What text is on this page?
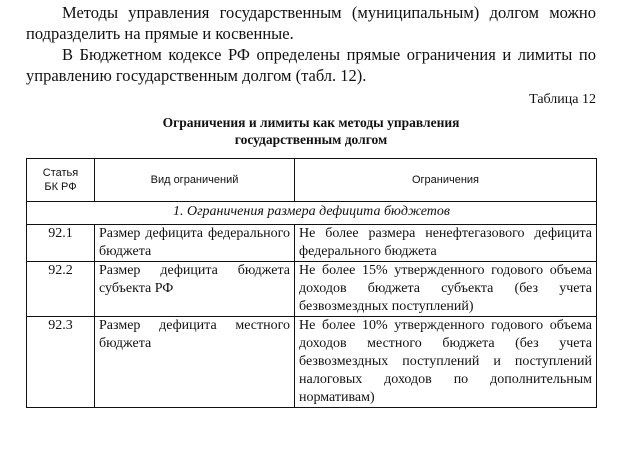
Методы управления государственным (муниципальным) долгом можно подразделить на прямые и косвенные.

В Бюджетном кодексе РФ определены прямые ограничения и лимиты по управлению государственным долгом (табл. 12).

Таблица 12
Ограничения и лимиты как методы управления
государственным долгом
Статья
БК РФ	Вид ограничений	Ограничения
1. Ограничения размера дефицита бюджетов		
92.1	Размер дефицита федерального бюджета	Не более размера ненефтегазового дефицита федерального бюджета
92.2	Размер дефицита бюджета субъекта РФ	Не более 15% утвержденного годового объема доходов бюджета субъекта (без учета безвозмездных поступлений)
92.3	Размер дефицита местного бюджета	Не более 10% утвержденного годового объема доходов местного бюджета (без учета безвозмездных поступлений и поступлений налоговых доходов по дополнительным нормативам)
